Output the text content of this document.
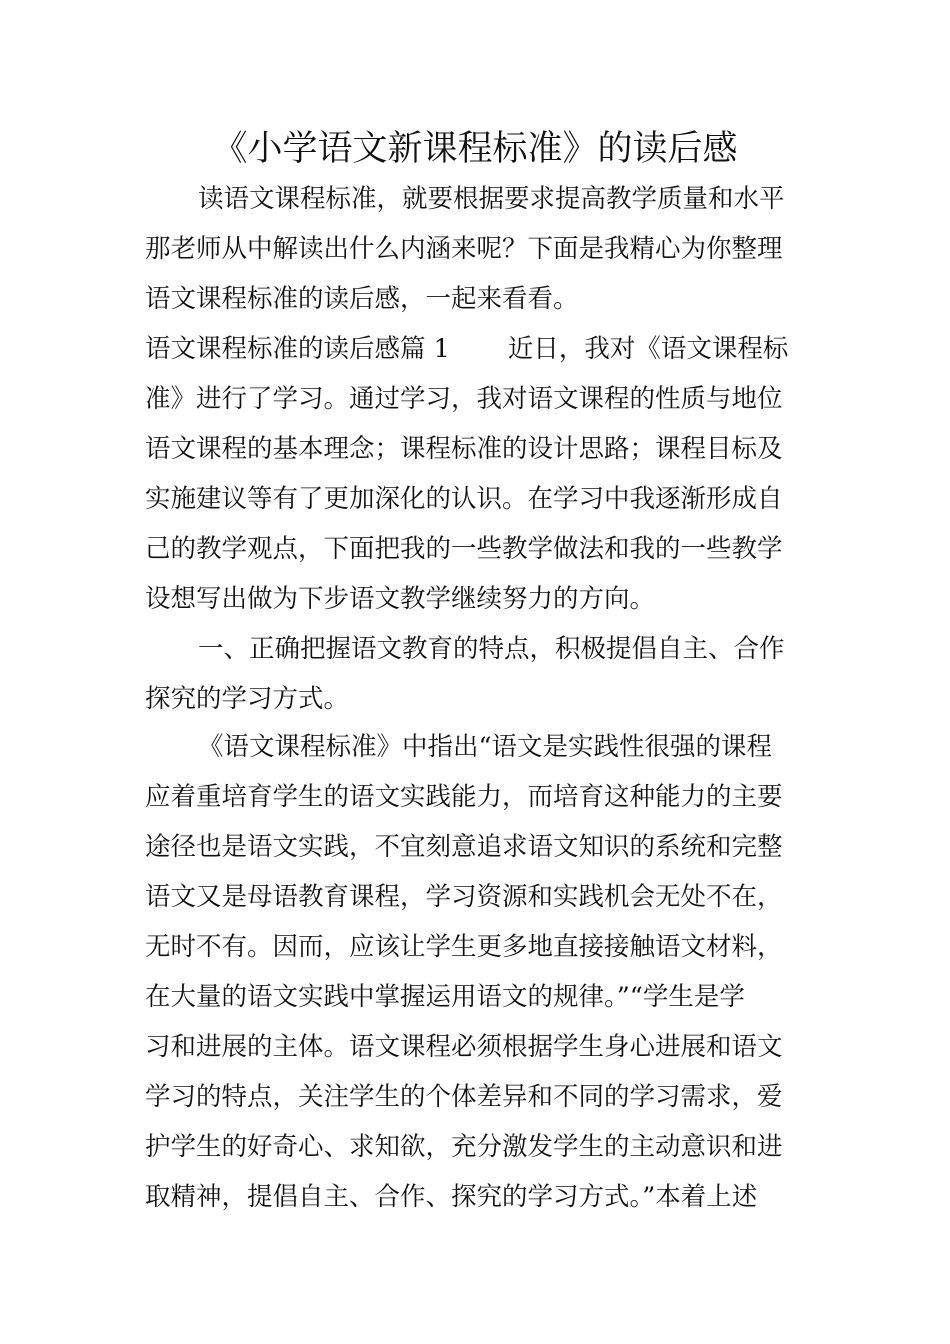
《小学语文新课程标准》的读后感
读语文课程标准，就要根据要求提高教学质量和水平
那老师从中解读出什么内涵来呢？下面是我精心为你整理
语文课程标准的读后感，一起来看看。
语文课程标准的读后感篇 1 近日，我对《语文课程标
准》进行了学习。通过学习，我对语文课程的性质与地位
语文课程的基本理念；课程标准的设计思路；课程目标及
实施建议等有了更加深化的认识。在学习中我逐渐形成自
己的教学观点，下面把我的一些教学做法和我的一些教学
设想写出做为下步语文教学继续努力的方向。
一、正确把握语文教育的特点，积极提倡自主、合作
探究的学习方式。
《语文课程标准》中指出“语文是实践性很强的课程
应着重培育学生的语文实践能力，而培育这种能力的主要
途径也是语文实践，不宜刻意追求语文知识的系统和完整
语文又是母语教育课程，学习资源和实践机会无处不在，
无时不有。因而，应该让学生更多地直接接触语文材料，
在大量的语文实践中掌握运用语文的规律。”“学生是学
习和进展的主体。语文课程必须根据学生身心进展和语文
学习的特点，关注学生的个体差异和不同的学习需求，爱
护学生的好奇心、求知欲，充分激发学生的主动意识和进
取精神，提倡自主、合作、探究的学习方式。”本着上述
